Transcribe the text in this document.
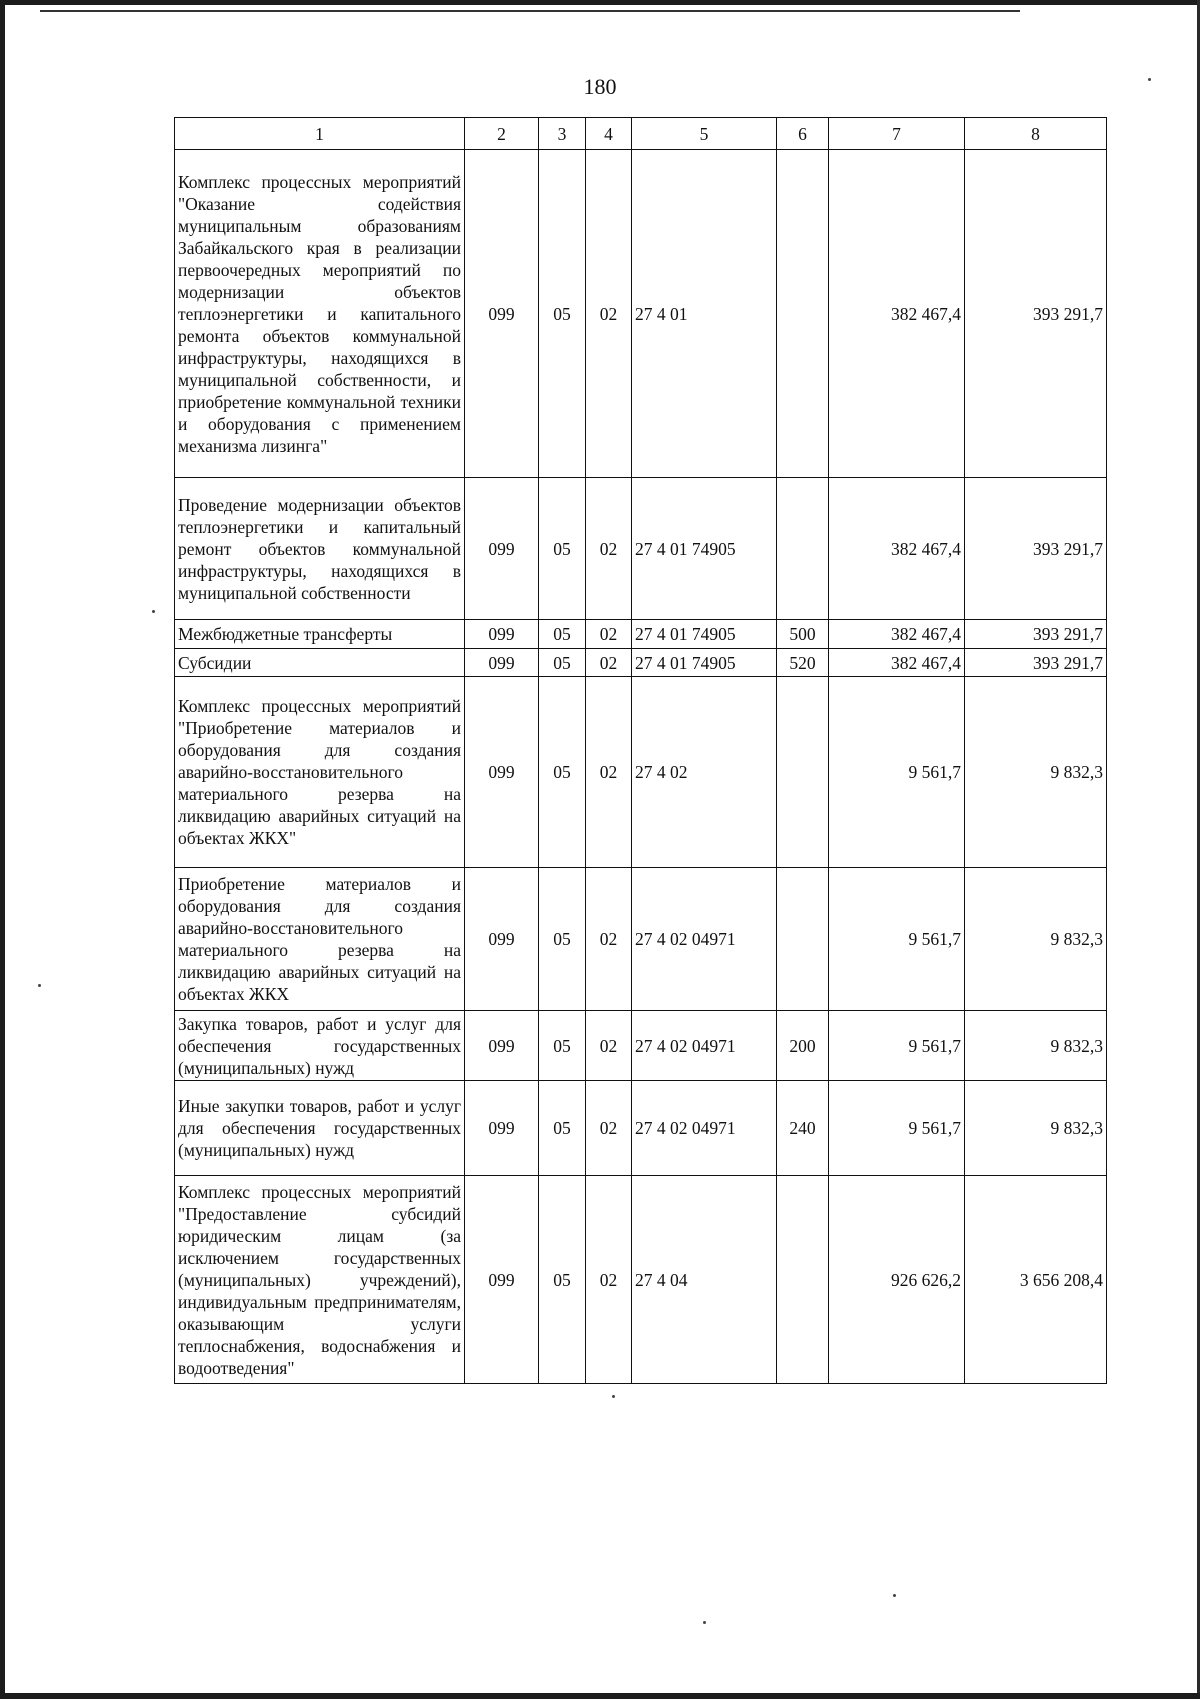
180
1	2	3	4	5	6	7	8
Комплекс процессных мероприятий "Оказание содействия муниципальным образованиям Забайкальского края в реализации первоочередных мероприятий по модернизации объектов теплоэнергетики и капитального ремонта объектов коммунальной инфраструктуры, находящихся в муниципальной собственности, и приобретение коммунальной техники и оборудования с применением механизма лизинга"	099	05	02	27 4 01		382 467,4	393 291,7
Проведение модернизации объектов теплоэнергетики и капитальный ремонт объектов коммунальной инфраструктуры, находящихся в муниципальной собственности	099	05	02	27 4 01 74905		382 467,4	393 291,7
Межбюджетные трансферты	099	05	02	27 4 01 74905	500	382 467,4	393 291,7
Субсидии	099	05	02	27 4 01 74905	520	382 467,4	393 291,7
Комплекс процессных мероприятий "Приобретение материалов и оборудования для создания аварийно-восстановительного материального резерва на ликвидацию аварийных ситуаций на объектах ЖКХ"	099	05	02	27 4 02		9 561,7	9 832,3
Приобретение материалов и оборудования для создания аварийно-восстановительного материального резерва на ликвидацию аварийных ситуаций на объектах ЖКХ	099	05	02	27 4 02 04971		9 561,7	9 832,3
Закупка товаров, работ и услуг для обеспечения государственных (муниципальных) нужд	099	05	02	27 4 02 04971	200	9 561,7	9 832,3
Иные закупки товаров, работ и услуг для обеспечения государственных (муниципальных) нужд	099	05	02	27 4 02 04971	240	9 561,7	9 832,3
Комплекс процессных мероприятий "Предоставление субсидий юридическим лицам (за исключением государственных (муниципальных) учреждений), индивидуальным предпринимателям, оказывающим услуги теплоснабжения, водоснабжения и водоотведения"	099	05	02	27 4 04		926 626,2	3 656 208,4
